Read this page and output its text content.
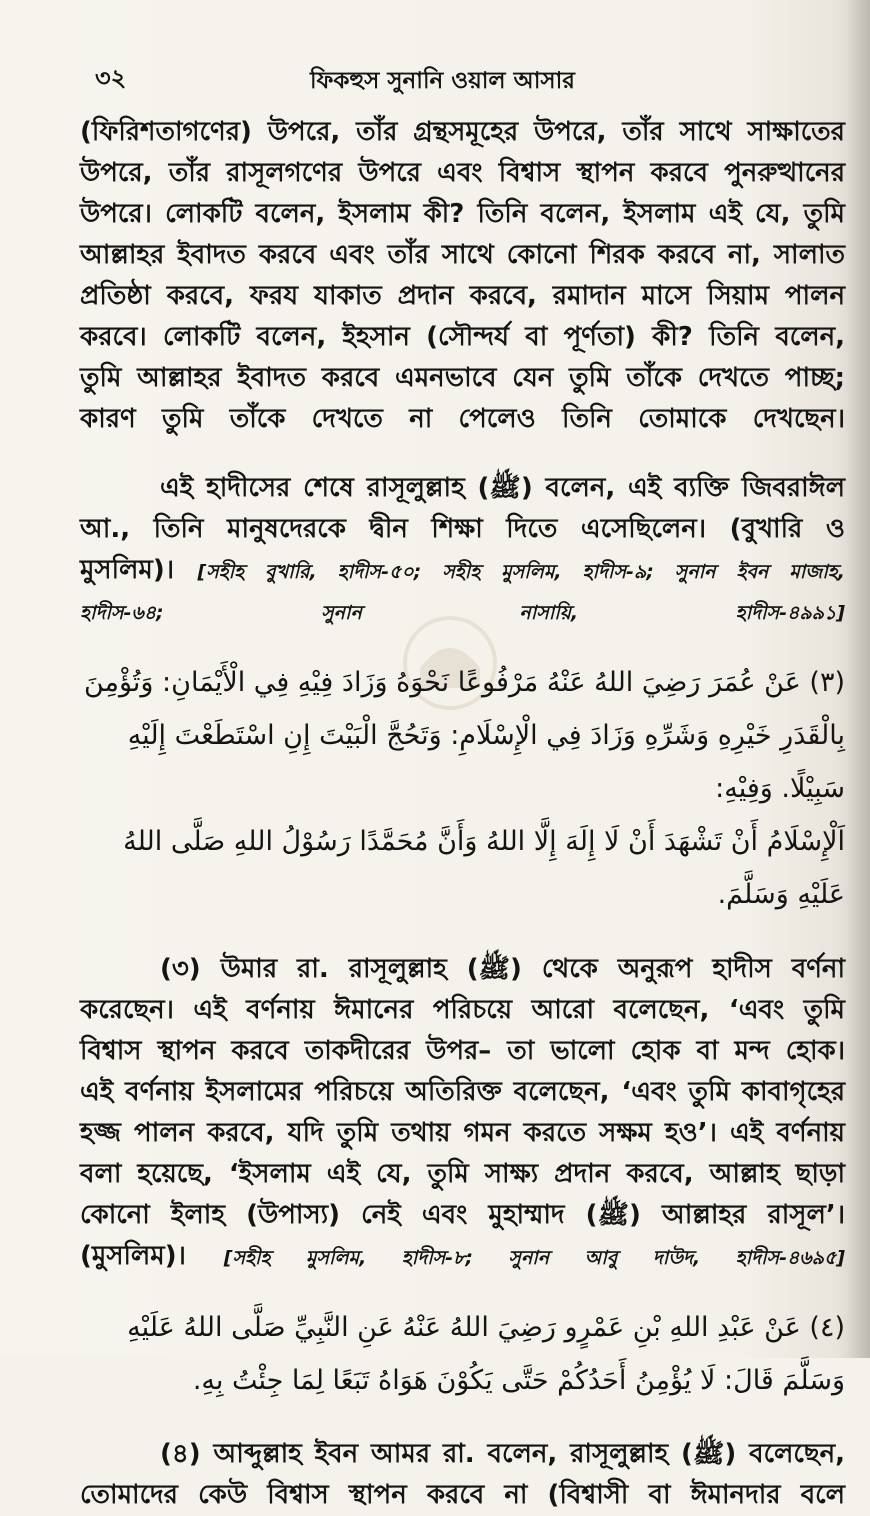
৩২	ফিকহুস সুনানি ওয়াল আসার

(ফিরিশতাগণের) উপরে, তাঁর গ্রন্থসমূহের উপরে, তাঁর সাথে সাক্ষাতের
উপরে, তাঁর রাসূলগণের উপরে এবং বিশ্বাস স্থাপন করবে পুনরুত্থানের
উপরে। লোকটি বলেন, ইসলাম কী? তিনি বলেন, ইসলাম এই যে, তুমি
আল্লাহর ইবাদত করবে এবং তাঁর সাথে কোনো শিরক করবে না, সালাত
প্রতিষ্ঠা করবে, ফরয যাকাত প্রদান করবে, রমাদান মাসে সিয়াম পালন
করবে। লোকটি বলেন, ইহসান (সৌন্দর্য বা পূর্ণতা) কী? তিনি বলেন,
তুমি আল্লাহর ইবাদত করবে এমনভাবে যেন তুমি তাঁকে দেখতে পাচ্ছ;

কারণ তুমি তাঁকে দেখতে না পেলেও তিনি তোমাকে দেখছেন।

এই হাদীসের শেষে রাসূলুল্লাহ (ﷺ) বলেন, এই ব্যক্তি জিবরাঈল
আ., তিনি মানুষদেরকে দ্বীন শিক্ষা দিতে এসেছিলেন। (বুখারি ও

মুসলিম)। [সহীহ বুখারি, হাদীস-৫০; সহীহ মুসলিম, হাদীস-৯; সুনান ইবন মাজাহ,

হাদীস-৬৪; সুনান নাসায়ি, হাদীস-৪৯৯১]

(٣) عَنْ عُمَرَ رَضِيَ اللهُ عَنْهُ مَرْفُوعًا نَحْوَهُ وَزَادَ فِيْهِ فِي الْأَيْمَانِ: وَتُؤْمِنَ
بِالْقَدَرِ خَيْرِهِ وَشَرِّهِ وَزَادَ فِي الْإِسْلَامِ: وَتَحُجَّ الْبَيْتَ إِنِ اسْتَطَعْتَ إِلَيْهِ سَبِيْلًا. وَفِيْهِ:
اَلْإِسْلَامُ أَنْ تَشْهَدَ أَنْ لَا إِلَهَ إِلَّا اللهُ وَأَنَّ مُحَمَّدًا رَسُوْلُ اللهِ صَلَّى اللهُ عَلَيْهِ وَسَلَّمَ.

(৩) উমার রা. রাসূলুল্লাহ (ﷺ) থেকে অনুরূপ হাদীস বর্ণনা
করেছেন। এই বর্ণনায় ঈমানের পরিচয়ে আরো বলেছেন, ‘এবং তুমি
বিশ্বাস স্থাপন করবে তাকদীরের উপর– তা ভালো হোক বা মন্দ হোক।
এই বর্ণনায় ইসলামের পরিচয়ে অতিরিক্ত বলেছেন, ‘এবং তুমি কাবাগৃহের
হজ্জ পালন করবে, যদি তুমি তথায় গমন করতে সক্ষম হও’। এই বর্ণনায়
বলা হয়েছে, ‘ইসলাম এই যে, তুমি সাক্ষ্য প্রদান করবে, আল্লাহ ছাড়া
কোনো ইলাহ (উপাস্য) নেই এবং মুহাম্মাদ (ﷺ) আল্লাহর রাসূল’।

(মুসলিম)। [সহীহ মুসলিম, হাদীস-৮; সুনান আবু দাউদ, হাদীস-৪৬৯৫]

(٤) عَنْ عَبْدِ اللهِ بْنِ عَمْرٍو رَضِيَ اللهُ عَنْهُ عَنِ النَّبِيِّ صَلَّى اللهُ عَلَيْهِ
وَسَلَّمَ قَالَ: لَا يُؤْمِنُ أَحَدُكُمْ حَتَّى يَكُوْنَ هَوَاهُ تَبَعًا لِمَا جِئْتُ بِهِ.

(৪) আব্দুল্লাহ ইবন আমর রা. বলেন, রাসূলুল্লাহ (ﷺ) বলেছেন,
তোমাদের কেউ বিশ্বাস স্থাপন করবে না (বিশ্বাসী বা ঈমানদার বলে
